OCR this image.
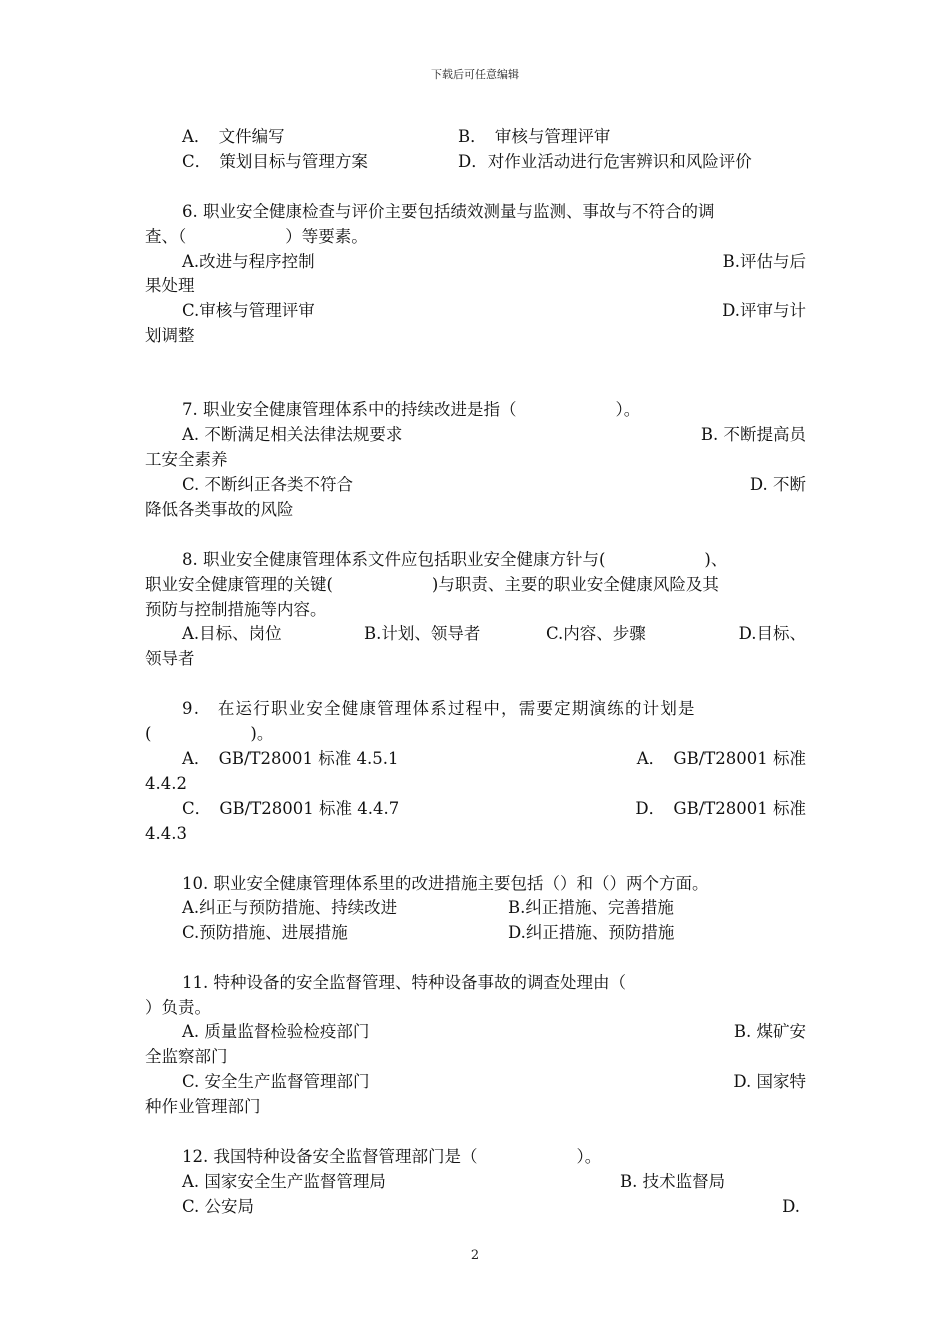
下载后可任意编辑
A．　文件编写	B．　审核与管理评审
C．　策划目标与管理方案	D．对作业活动进行危害辨识和风险评价
6. 职业安全健康检查与评价主要包括绩效测量与监测、事故与不符合的调
查、（　　　　　　）等要素。
A.改进与程序控制	B.评估与后
果处理
C.审核与管理评审	D.评审与计
划调整
7. 职业安全健康管理体系中的持续改进是指（　　　　　　）。
A. 不断满足相关法律法规要求	B. 不断提高员
工安全素养
C. 不断纠正各类不符合	D. 不断
降低各类事故的风险
8. 职业安全健康管理体系文件应包括职业安全健康方针与(　　　　　　)、
职业安全健康管理的关键(　　　　　　)与职责、主要的职业安全健康风险及其
预防与控制措施等内容。
A.目标、岗位	B.计划、领导者	C.内容、步骤	D.目标、
领导者
9.　在运行职业安全健康管理体系过程中，需要定期演练的计划是
(　　　　　　)。
A．　GB/T28001 标准 4.5.1	A．　GB/T28001 标准
4.4.2
C．　GB/T28001 标准 4.4.7	D．　GB/T28001 标准
4.4.3
10. 职业安全健康管理体系里的改进措施主要包括（）和（）两个方面。
A.纠正与预防措施、持续改进	B.纠正措施、完善措施
C.预防措施、进展措施	D.纠正措施、预防措施
11. 特种设备的安全监督管理、特种设备事故的调查处理由（
）负责。
A. 质量监督检验检疫部门	B. 煤矿安
全监察部门
C. 安全生产监督管理部门	D. 国家特
种作业管理部门
12. 我国特种设备安全监督管理部门是（　　　　　　）。
A. 国家安全生产监督管理局	B. 技术监督局
C. 公安局	D.
2
